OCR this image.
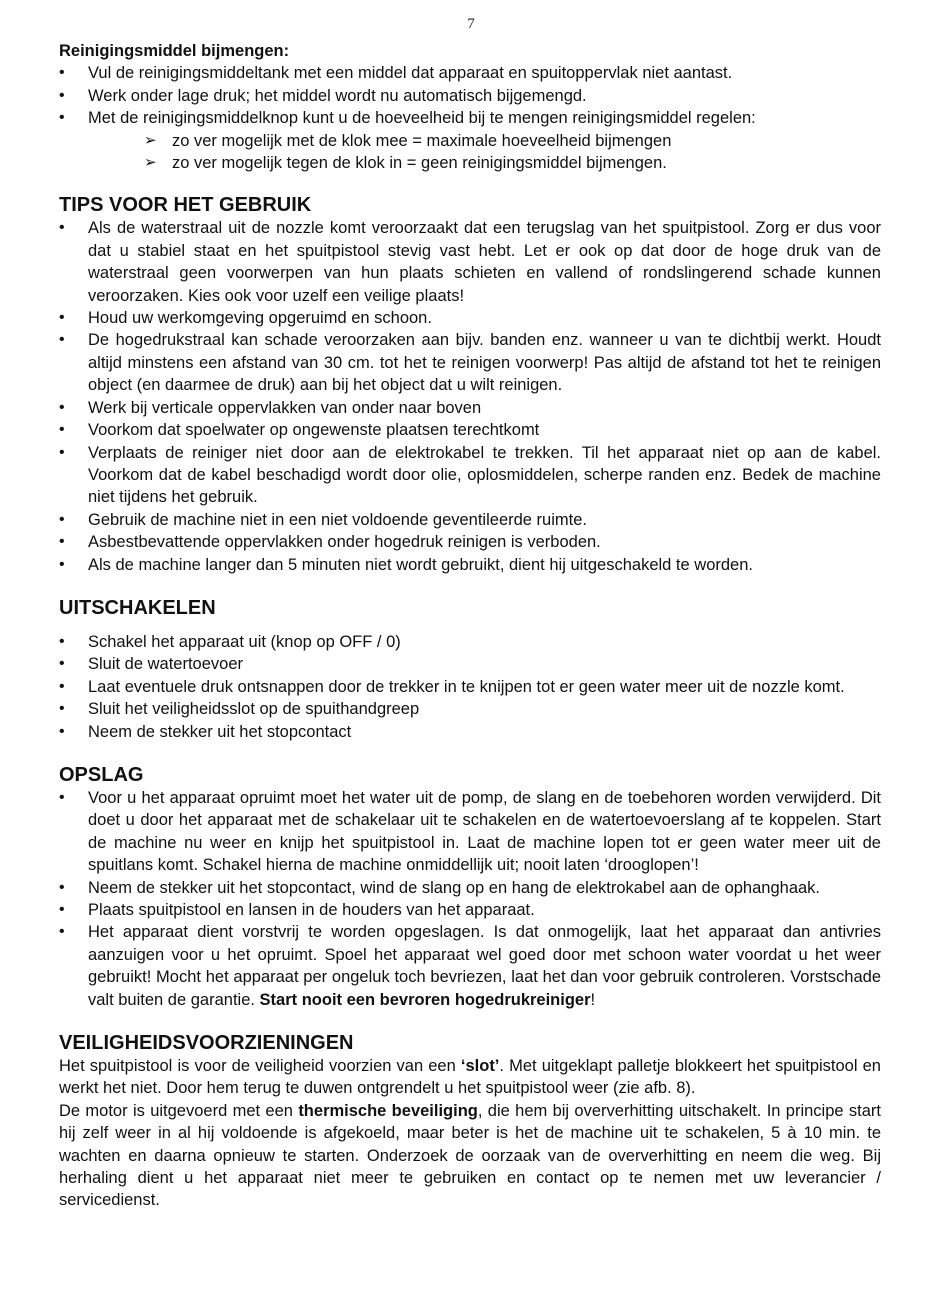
7
Reinigingsmiddel bijmengen:
• Vul de reinigingsmiddeltank met een middel dat apparaat en spuitoppervlak niet aantast.
• Werk onder lage druk; het middel wordt nu automatisch bijgemengd.
• Met de reinigingsmiddelknop kunt u de hoeveelheid bij te mengen reinigingsmiddel regelen:
➢ zo ver mogelijk met de klok mee = maximale hoeveelheid bijmengen
➢ zo ver mogelijk tegen de klok in = geen reinigingsmiddel bijmengen.
TIPS VOOR HET GEBRUIK
• Als de waterstraal uit de nozzle komt veroorzaakt dat een terugslag van het spuitpistool. Zorg er dus voor dat u stabiel staat en het spuitpistool stevig vast hebt. Let er ook op dat door de hoge druk van de waterstraal geen voorwerpen van hun plaats schieten en vallend of rondslingerend schade kunnen veroorzaken. Kies ook voor uzelf een veilige plaats!
• Houd uw werkomgeving opgeruimd en schoon.
• De hogedrukstraal kan schade veroorzaken aan bijv. banden enz. wanneer u van te dichtbij werkt. Houdt altijd minstens een afstand van 30 cm. tot het te reinigen voorwerp! Pas altijd de afstand tot het te reinigen object (en daarmee de druk) aan bij het object dat u wilt reinigen.
• Werk bij verticale oppervlakken van onder naar boven
• Voorkom dat spoelwater op ongewenste plaatsen terechtkomt
• Verplaats de reiniger niet door aan de elektrokabel te trekken. Til het apparaat niet op aan de kabel. Voorkom dat de kabel beschadigd wordt door olie, oplosmiddelen, scherpe randen enz. Bedek de machine niet tijdens het gebruik.
• Gebruik de machine niet in een niet voldoende geventileerde ruimte.
• Asbestbevattende oppervlakken onder hogedruk reinigen is verboden.
• Als de machine langer dan 5 minuten niet wordt gebruikt, dient hij uitgeschakeld te worden.
UITSCHAKELEN
• Schakel het apparaat uit (knop op OFF / 0)
• Sluit de watertoevoer
• Laat eventuele druk ontsnappen door de trekker in te knijpen tot er geen water meer uit de nozzle komt.
• Sluit het veiligheidsslot op de spuithandgreep
• Neem de stekker uit het stopcontact
OPSLAG
• Voor u het apparaat opruimt moet het water uit de pomp, de slang en de toebehoren worden verwijderd. Dit doet u door het apparaat met de schakelaar uit te schakelen en de watertoevoerslang af te koppelen. Start de machine nu weer en knijp het spuitpistool in. Laat de machine lopen tot er geen water meer uit de spuitlans komt. Schakel hierna de machine onmiddellijk uit; nooit laten ‘drooglopen’!
• Neem de stekker uit het stopcontact, wind de slang op en hang de elektrokabel aan de ophanghaak.
• Plaats spuitpistool en lansen in de houders van het apparaat.
• Het apparaat dient vorstvrij te worden opgeslagen. Is dat onmogelijk, laat het apparaat dan antivries aanzuigen voor u het opruimt. Spoel het apparaat wel goed door met schoon water voordat u het weer gebruikt! Mocht het apparaat per ongeluk toch bevriezen, laat het dan voor gebruik controleren. Vorstschade valt buiten de garantie. Start nooit een bevroren hogedrukreiniger!
VEILIGHEIDSVOORZIENINGEN

Het spuitpistool is voor de veiligheid voorzien van een ‘slot’. Met uitgeklapt palletje blokkeert het spuitpistool en werkt het niet. Door hem terug te duwen ontgrendelt u het spuitpistool weer (zie afb. 8).

De motor is uitgevoerd met een thermische beveiliging, die hem bij oververhitting uitschakelt. In principe start hij zelf weer in al hij voldoende is afgekoeld, maar beter is het de machine uit te schakelen, 5 à 10 min. te wachten en daarna opnieuw te starten. Onderzoek de oorzaak van de oververhitting en neem die weg. Bij herhaling dient u het apparaat niet meer te gebruiken en contact op te nemen met uw leverancier / servicedienst.
